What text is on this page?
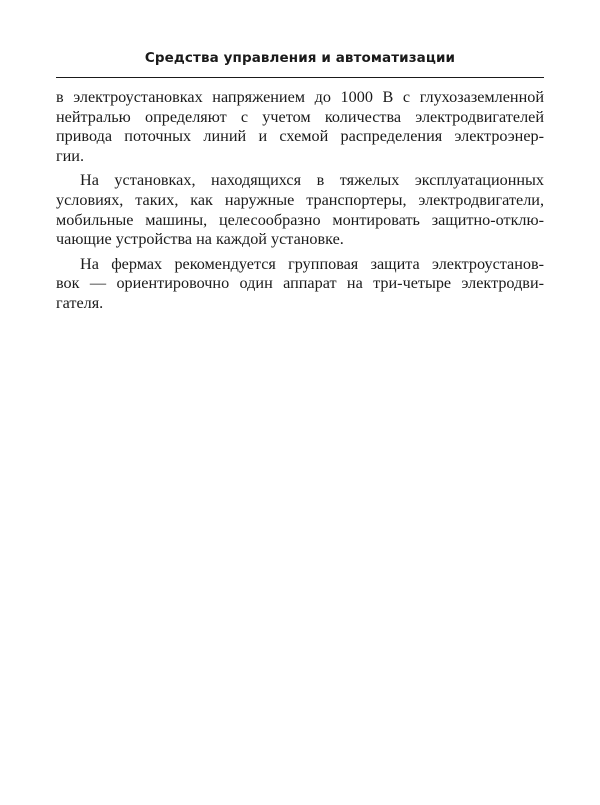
Средства управления и автоматизации
в электроустановках напряжением до 1000 В с глухозаземленной
нейтралью определяют с учетом количества электродвигателей
привода поточных линий и схемой распределения электроэнер-
гии.
На установках, находящихся в тяжелых эксплуатационных
условиях, таких, как наружные транспортеры, электродвигатели,
мобильные машины, целесообразно монтировать защитно-отклю-
чающие устройства на каждой установке.
На фермах рекомендуется групповая защита электроустанов-
вок — ориентировочно один аппарат на три-четыре электродви-
гателя.
